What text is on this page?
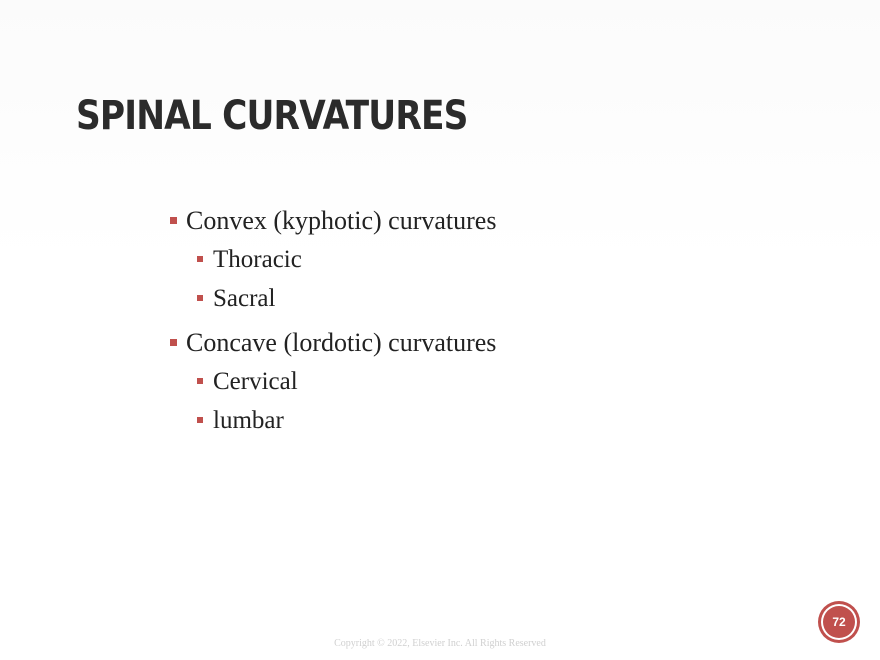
SPINAL CURVATURES
Convex (kyphotic) curvatures
Thoracic
Sacral
Concave (lordotic) curvatures
Cervical
lumbar
72
Copyright © 2022, Elsevier Inc. All Rights Reserved
